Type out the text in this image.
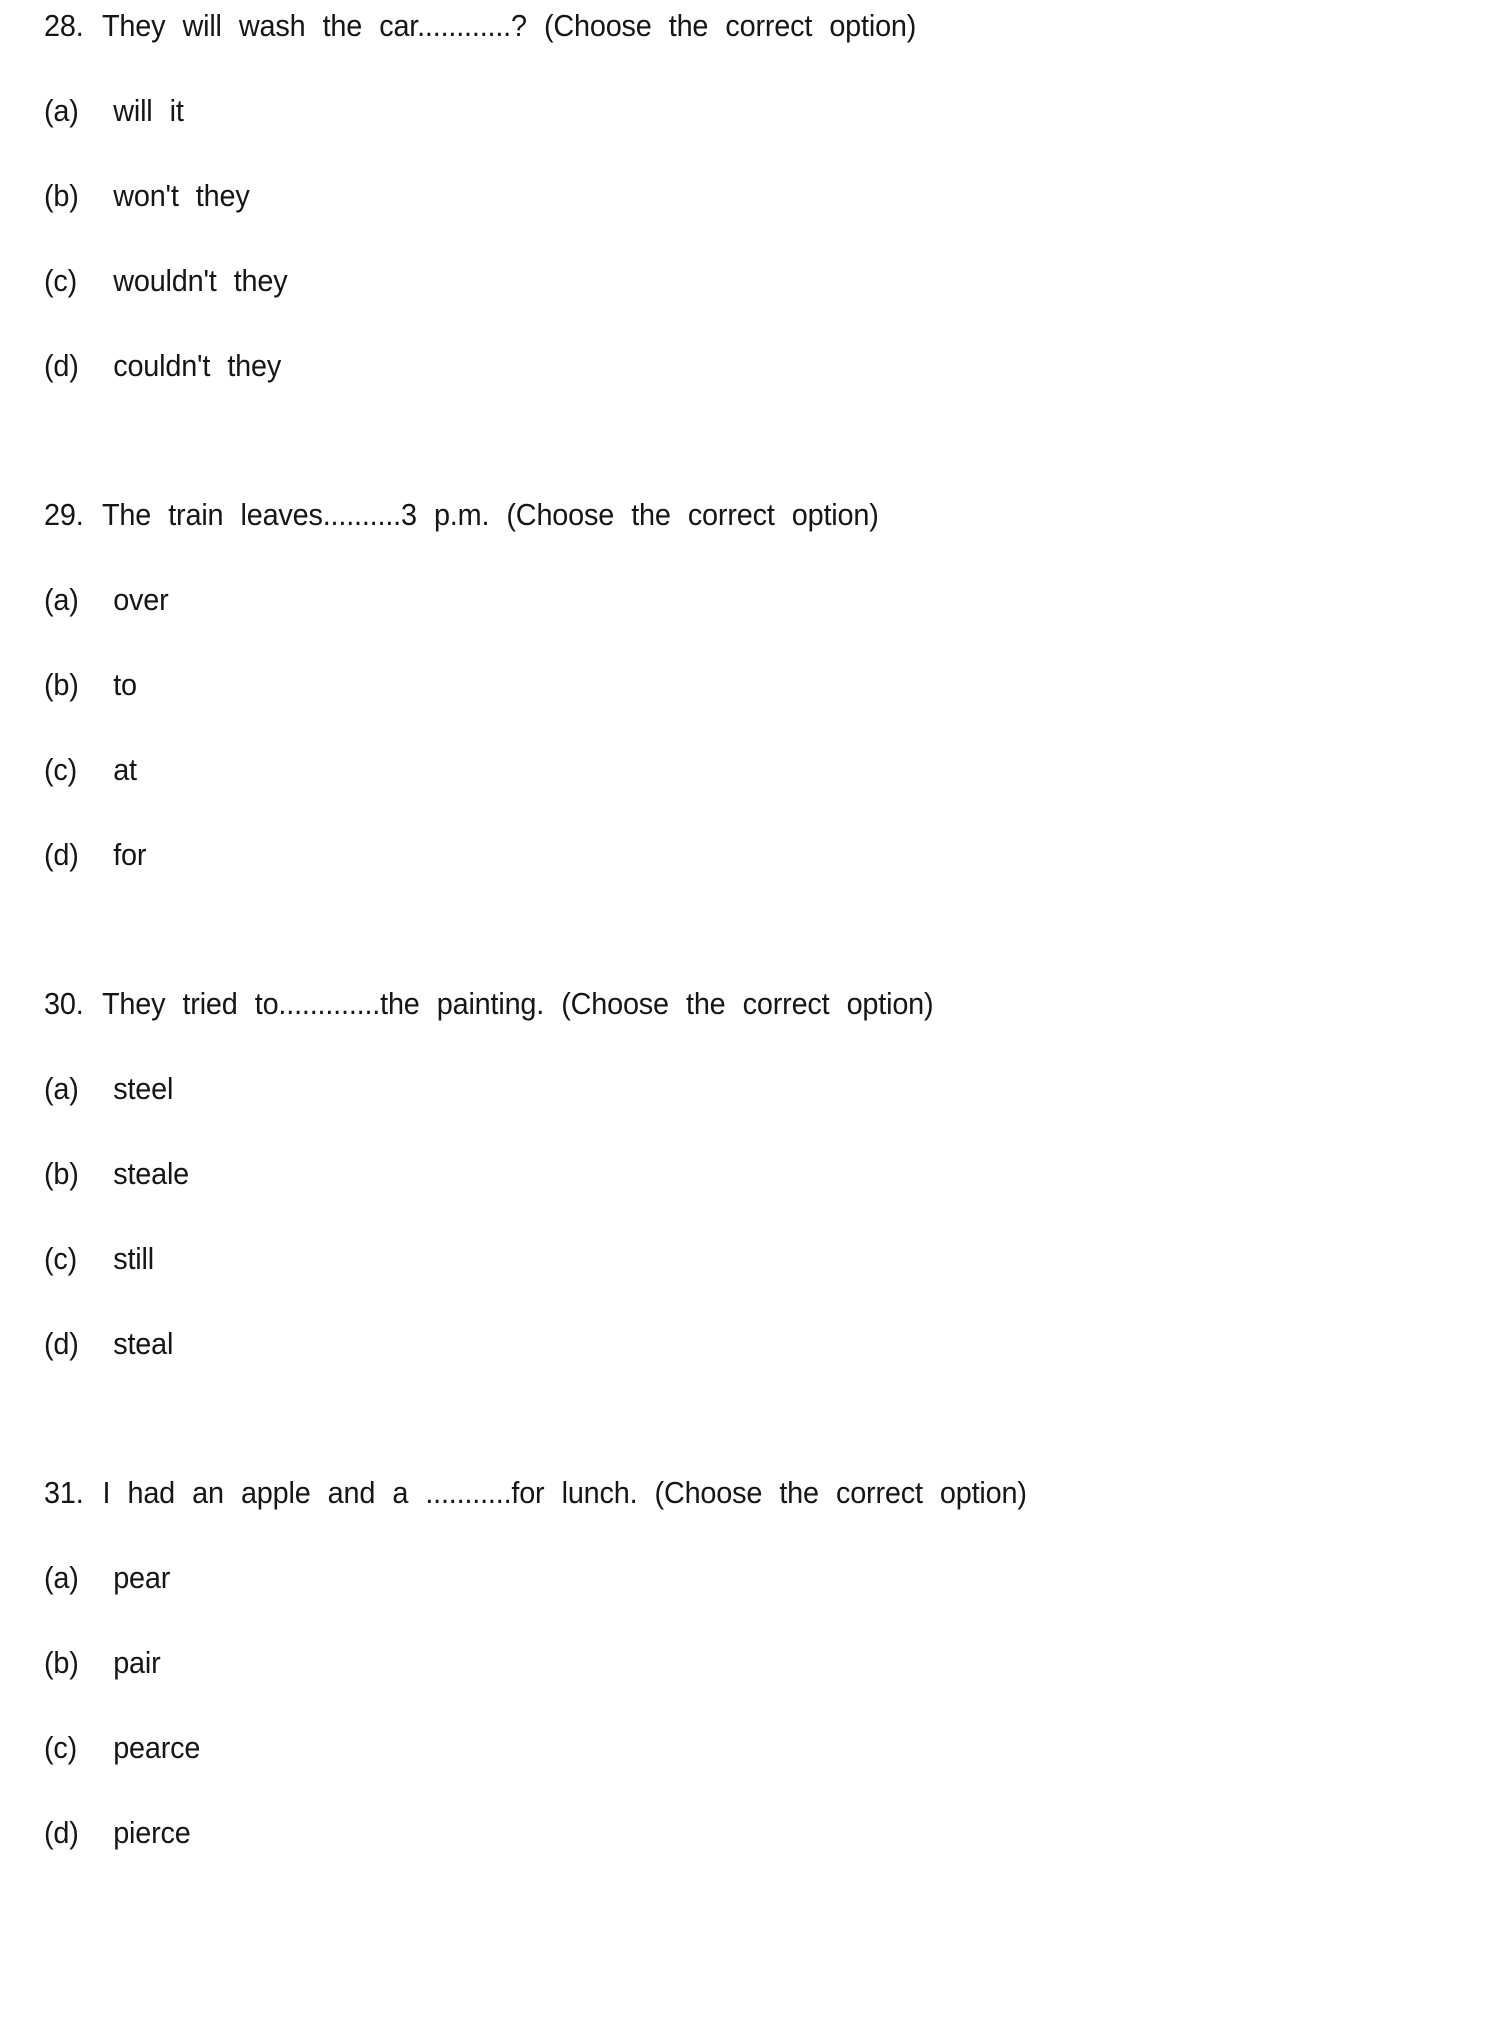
28. They will wash the car............? (Choose the correct option)
(a) will it
(b) won't they
(c) wouldn't they
(d) couldn't they
29. The train leaves..........3 p.m. (Choose the correct option)
(a) over
(b) to
(c) at
(d) for
30. They tried to.............the painting. (Choose the correct option)
(a) steel
(b) steale
(c) still
(d) steal
31. I had an apple and a ...........for lunch. (Choose the correct option)
(a) pear
(b) pair
(c) pearce
(d) pierce
